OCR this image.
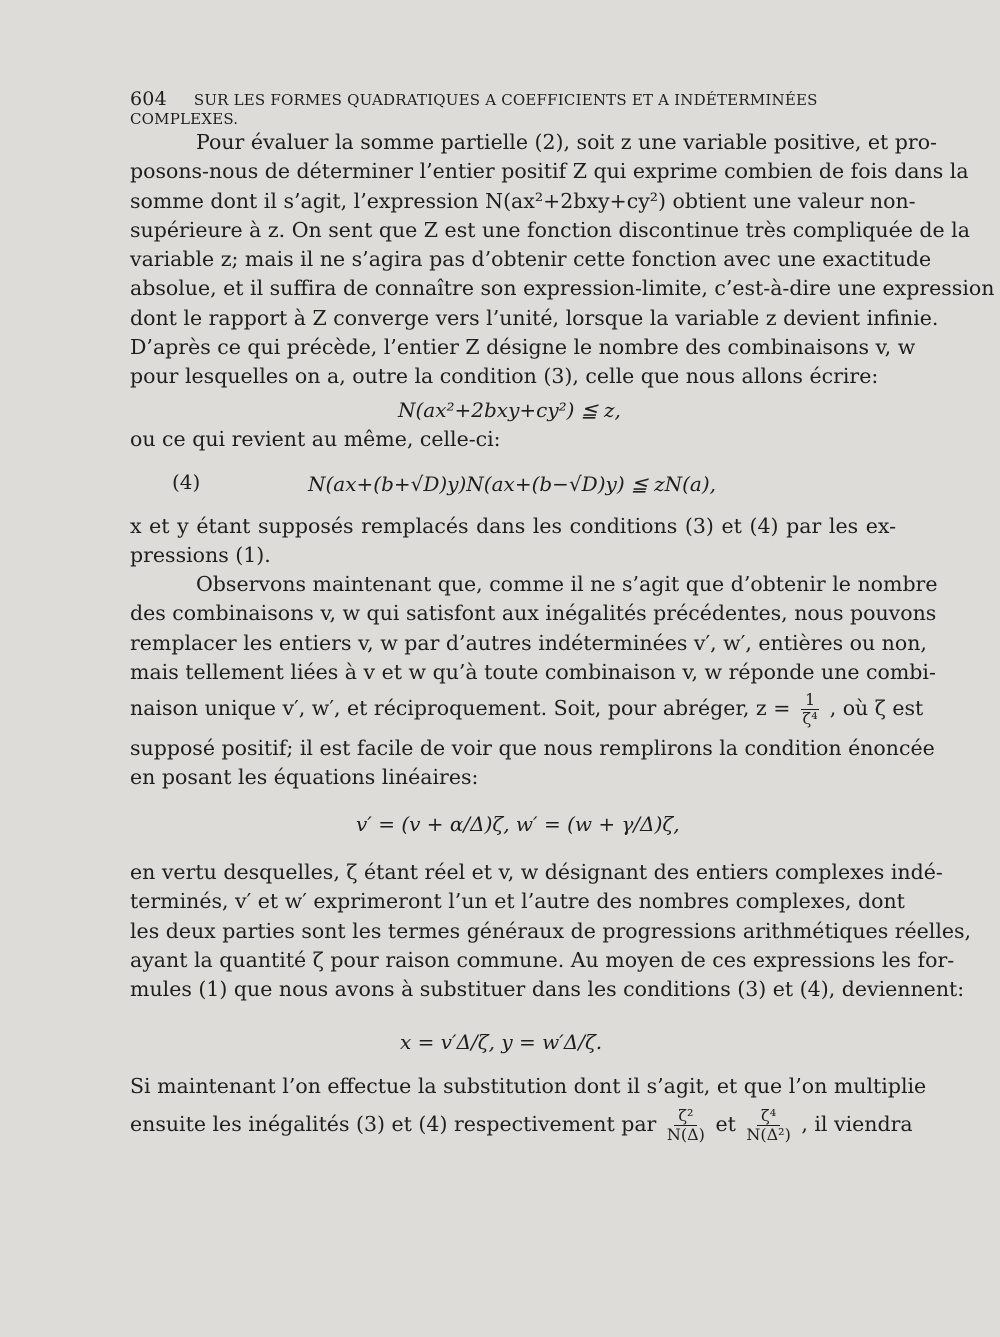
604 SUR LES FORMES QUADRATIQUES A COEFFICIENTS ET A INDÉTERMINÉES COMPLEXES.
Pour évaluer la somme partielle (2), soit z une variable positive, et pro-
posons-nous de déterminer l’entier positif Z qui exprime combien de fois dans la
somme dont il s’agit, l’expression N(ax²+2bxy+cy²) obtient une valeur non-
supérieure à z. On sent que Z est une fonction discontinue très compliquée de la
variable z; mais il ne s’agira pas d’obtenir cette fonction avec une exactitude
absolue, et il suffira de connaître son expression-limite, c’est-à-dire une expression
dont le rapport à Z converge vers l’unité, lorsque la variable z devient infinie.
D’après ce qui précède, l’entier Z désigne le nombre des combinaisons v, w
pour lesquelles on a, outre la condition (3), celle que nous allons écrire:
N(ax²+2bxy+cy²) ≦ z,
ou ce qui revient au même, celle-ci:
(4)	N(ax+(b+√D)y)N(ax+(b−√D)y) ≦ zN(a),
x et y étant supposés remplacés dans les conditions (3) et (4) par les ex-
pressions (1).
Observons maintenant que, comme il ne s’agit que d’obtenir le nombre
des combinaisons v, w qui satisfont aux inégalités précédentes, nous pouvons
remplacer les entiers v, w par d’autres indéterminées v′, w′, entières ou non,
mais tellement liées à v et w qu’à toute combinaison v, w réponde une combi-
naison unique v′, w′, et réciproquement. Soit, pour abréger, $z = \frac{1}{\text{ζ⁴}}$ , où ζ est
supposé positif; il est facile de voir que nous remplirons la condition énoncée
en posant les équations linéaires:
v′ = (v + α/Δ)ζ, w′ = (w + γ/Δ)ζ,
en vertu desquelles, ζ étant réel et v, w désignant des entiers complexes indé-
terminés, v′ et w′ exprimeront l’un et l’autre des nombres complexes, dont
les deux parties sont les termes généraux de progressions arithmétiques réelles,
ayant la quantité ζ pour raison commune. Au moyen de ces expressions les for-
mules (1) que nous avons à substituer dans les conditions (3) et (4), deviennent:
x = v′Δ/ζ, y = w′Δ/ζ.
Si maintenant l’on effectue la substitution dont il s’agit, et que l’on multiplie
ensuite les inégalités (3) et (4) respectivement par $\frac{\text{ζ²}}{N(\Delta)}$ et $\frac{\text{ζ⁴}}{\text{N(Δ²)}}$ , il viendra
